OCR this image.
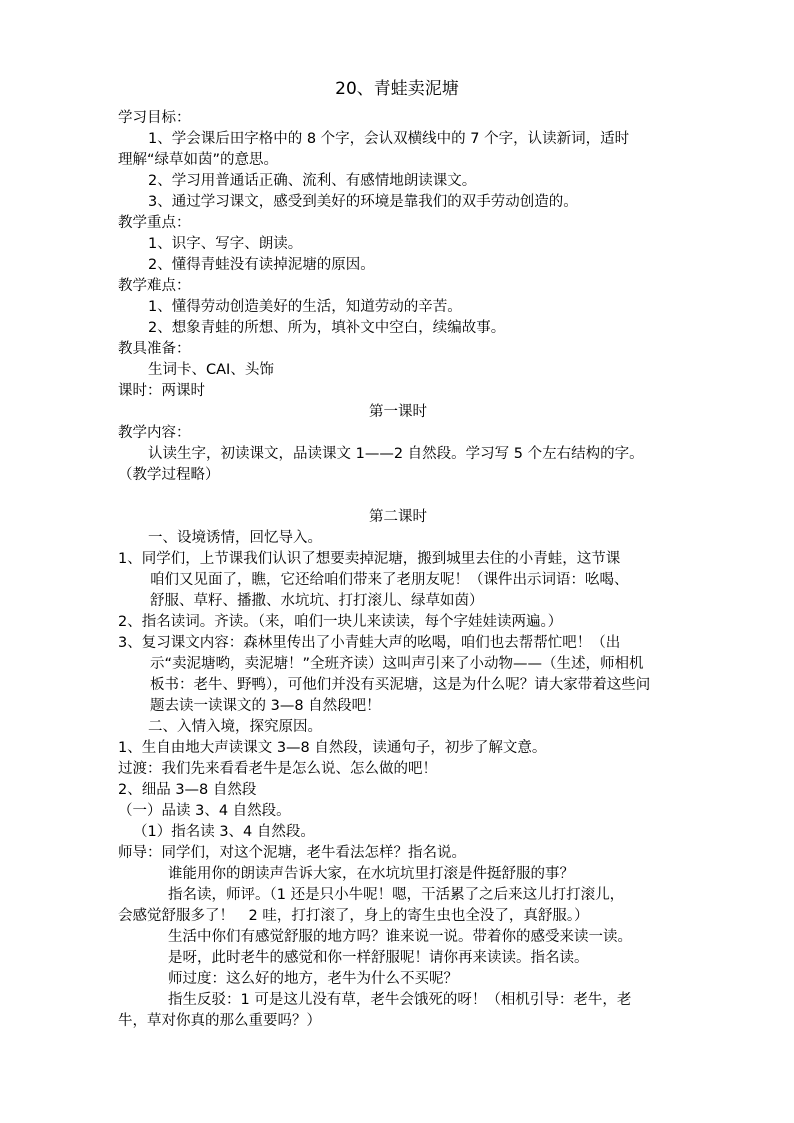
20、青蛙卖泥塘
学习目标：
1、学会课后田字格中的 8 个字，会认双横线中的 7 个字，认读新词，适时
理解“绿草如茵”的意思。
2、学习用普通话正确、流利、有感情地朗读课文。
3、通过学习课文，感受到美好的环境是靠我们的双手劳动创造的。
教学重点：
1、识字、写字、朗读。
2、懂得青蛙没有读掉泥塘的原因。
教学难点：
1、懂得劳动创造美好的生活，知道劳动的辛苦。
2、想象青蛙的所想、所为，填补文中空白，续编故事。
教具准备：
生词卡、CAI、头饰
课时：两课时
第一课时
教学内容：
认读生字，初读课文，品读课文 1——2 自然段。学习写 5 个左右结构的字。
（教学过程略）
第二课时
一、设境诱情，回忆导入。
1、同学们，上节课我们认识了想要卖掉泥塘，搬到城里去住的小青蛙，这节课
咱们又见面了，瞧，它还给咱们带来了老朋友呢！（课件出示词语：吆喝、
舒服、草籽、播撒、水坑坑、打打滚儿、绿草如茵）
2、指名读词。齐读。（来，咱们一块儿来读读，每个字娃娃读两遍。）
3、复习课文内容：森林里传出了小青蛙大声的吆喝，咱们也去帮帮忙吧！（出
示“卖泥塘哟，卖泥塘！”全班齐读）这叫声引来了小动物——（生述，师相机
板书：老牛、野鸭），可他们并没有买泥塘，这是为什么呢？请大家带着这些问
题去读一读课文的 3—8 自然段吧！
二、入情入境，探究原因。
1、生自由地大声读课文 3—8 自然段，读通句子，初步了解文意。
过渡：我们先来看看老牛是怎么说、怎么做的吧！
2、细品 3—8 自然段
（一）品读 3、4 自然段。
（1）指名读 3、4 自然段。
师导：同学们，对这个泥塘，老牛看法怎样？指名说。
谁能用你的朗读声告诉大家，在水坑坑里打滚是件挺舒服的事？
指名读，师评。（1 还是只小牛呢！嗯，干活累了之后来这儿打打滚儿，
会感觉舒服多了！　2 哇，打打滚了，身上的寄生虫也全没了，真舒服。）
生活中你们有感觉舒服的地方吗？谁来说一说。带着你的感受来读一读。
是呀，此时老牛的感觉和你一样舒服呢！请你再来读读。指名读。
师过度：这么好的地方，老牛为什么不买呢？
指生反驳：1 可是这儿没有草，老牛会饿死的呀！（相机引导：老牛，老
牛，草对你真的那么重要吗？）
